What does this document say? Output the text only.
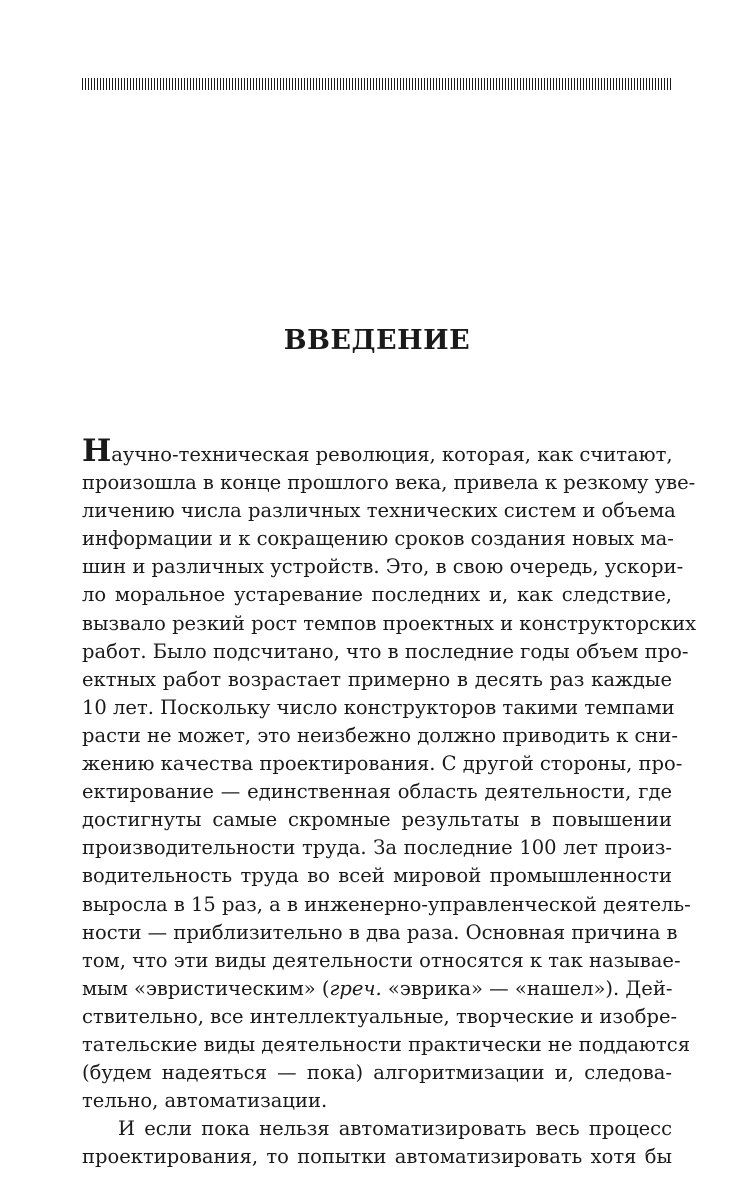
ВВЕДЕНИЕ
Научно-техническая революция, которая, как считают,
произошла в конце прошлого века, привела к резкому уве-
личению числа различных технических систем и объема
информации и к сокращению сроков создания новых ма-
шин и различных устройств. Это, в свою очередь, ускори-
ло моральное устаревание последних и, как следствие,
вызвало резкий рост темпов проектных и конструкторских
работ. Было подсчитано, что в последние годы объем про-
ектных работ возрастает примерно в десять раз каждые
10 лет. Поскольку число конструкторов такими темпами
расти не может, это неизбежно должно приводить к сни-
жению качества проектирования. С другой стороны, про-
ектирование — единственная область деятельности, где
достигнуты самые скромные результаты в повышении
производительности труда. За последние 100 лет произ-
водительность труда во всей мировой промышленности
выросла в 15 раз, а в инженерно-управленческой деятель-
ности — приблизительно в два раза. Основная причина в
том, что эти виды деятельности относятся к так называе-
мым «эвристическим» (греч. «эврика» — «нашел»). Дей-
ствительно, все интеллектуальные, творческие и изобре-
тательские виды деятельности практически не поддаются
(будем надеяться — пока) алгоритмизации и, следова-
тельно, автоматизации.
И если пока нельзя автоматизировать весь процесс
проектирования, то попытки автоматизировать хотя бы
